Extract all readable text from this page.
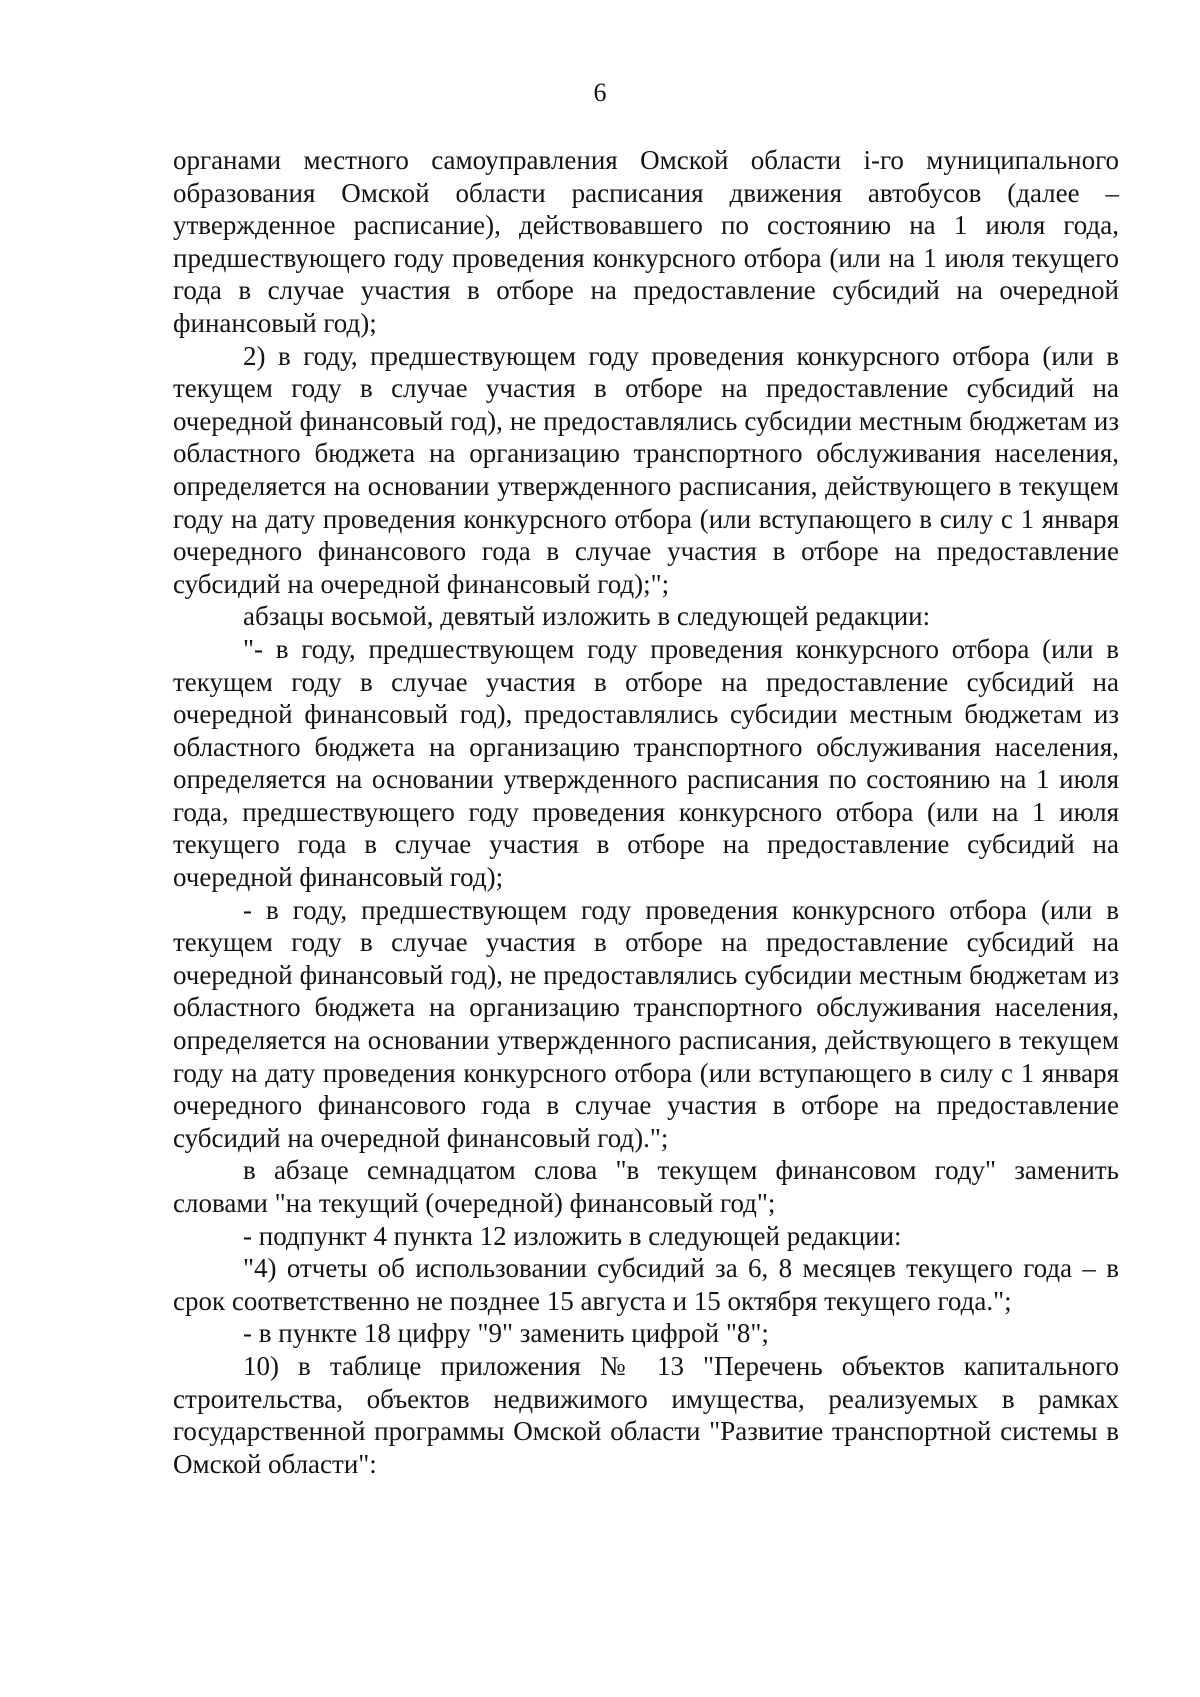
6

органами местного самоуправления Омской области i-го муниципального образования Омской области расписания движения автобусов (далее – утвержденное расписание), действовавшего по состоянию на 1 июля года, предшествующего году проведения конкурсного отбора (или на 1 июля текущего года в случае участия в отборе на предоставление субсидий на очередной финансовый год);

2) в году, предшествующем году проведения конкурсного отбора (или в текущем году в случае участия в отборе на предоставление субсидий на очередной финансовый год), не предоставлялись субсидии местным бюджетам из областного бюджета на организацию транспортного обслуживания населения, определяется на основании утвержденного расписания, действующего в текущем году на дату проведения конкурсного отбора (или вступающего в силу с 1 января очередного финансового года в случае участия в отборе на предоставление субсидий на очередной финансовый год);";

абзацы восьмой, девятый изложить в следующей редакции:

"- в году, предшествующем году проведения конкурсного отбора (или в текущем году в случае участия в отборе на предоставление субсидий на очередной финансовый год), предоставлялись субсидии местным бюджетам из областного бюджета на организацию транспортного обслуживания населения, определяется на основании утвержденного расписания по состоянию на 1 июля года, предшествующего году проведения конкурсного отбора (или на 1 июля текущего года в случае участия в отборе на предоставление субсидий на очередной финансовый год);

- в году, предшествующем году проведения конкурсного отбора (или в текущем году в случае участия в отборе на предоставление субсидий на очередной финансовый год), не предоставлялись субсидии местным бюджетам из областного бюджета на организацию транспортного обслуживания населения, определяется на основании утвержденного расписания, действующего в текущем году на дату проведения конкурсного отбора (или вступающего в силу с 1 января очередного финансового года в случае участия в отборе на предоставление субсидий на очередной финансовый год).";

в абзаце семнадцатом слова "в текущем финансовом году" заменить словами "на текущий (очередной) финансовый год";

- подпункт 4 пункта 12 изложить в следующей редакции:

"4) отчеты об использовании субсидий за 6, 8 месяцев текущего года – в срок соответственно не позднее 15 августа и 15 октября текущего года.";

- в пункте 18 цифру "9" заменить цифрой "8";

10) в таблице приложения № 13 "Перечень объектов капитального строительства, объектов недвижимого имущества, реализуемых в рамках государственной программы Омской области "Развитие транспортной системы в Омской области":
